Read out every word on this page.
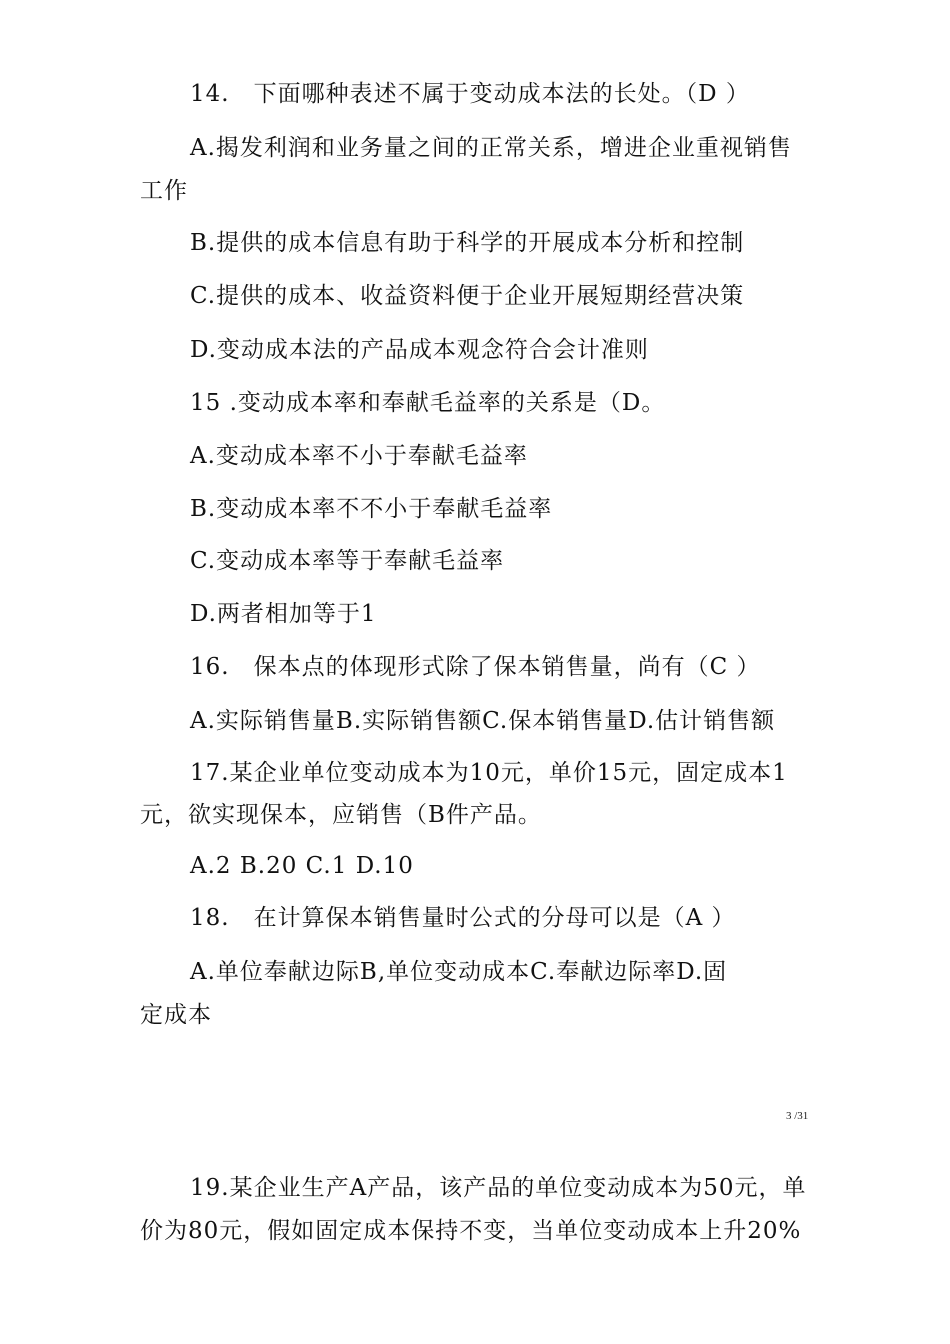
14.　下面哪种表述不属于变动成本法的长处。（D ）
A.揭发利润和业务量之间的正常关系，增进企业重视销售
工作
B.提供的成本信息有助于科学的开展成本分析和控制
C.提供的成本、收益资料便于企业开展短期经营决策
D.变动成本法的产品成本观念符合会计准则
15 .变动成本率和奉献毛益率的关系是（D。
A.变动成本率不小于奉献毛益率
B.变动成本率不不小于奉献毛益率
C.变动成本率等于奉献毛益率
D.两者相加等于1
16.　保本点的体现形式除了保本销售量，尚有（C ）
A.实际销售量B.实际销售额C.保本销售量D.估计销售额
17.某企业单位变动成本为10元，单价15元，固定成本1
元，欲实现保本，应销售（B件产品。
A.2 B.20 C.1 D.10
18.　在计算保本销售量时公式的分母可以是（A ）
A.单位奉献边际B,单位变动成本C.奉献边际率D.固
定成本
3 /31
19.某企业生产A产品，该产品的单位变动成本为50元，单
价为80元，假如固定成本保持不变，当单位变动成本上升20%
